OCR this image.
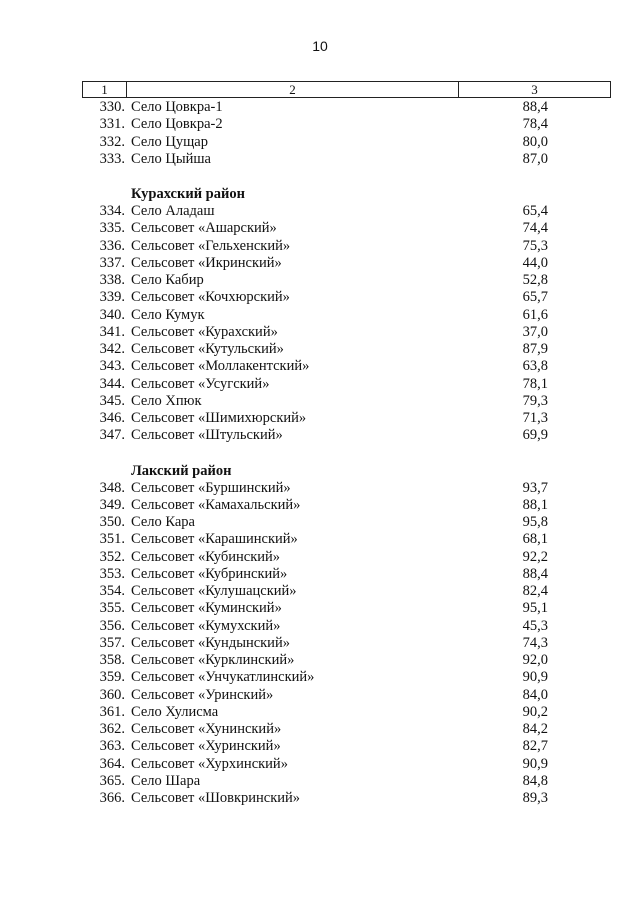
10
1	2	3
330. Село Цовкра-1	88,4
331. Село Цовкра-2	78,4
332. Село Цущар	80,0
333. Село Цыйша	87,0
Курахский район
334. Село Аладаш	65,4
335. Сельсовет «Ашарский»	74,4
336. Сельсовет «Гельхенский»	75,3
337. Сельсовет «Икринский»	44,0
338. Село Кабир	52,8
339. Сельсовет «Кочхюрский»	65,7
340. Село Кумук	61,6
341. Сельсовет «Курахский»	37,0
342. Сельсовет «Кутульский»	87,9
343. Сельсовет «Моллакентский»	63,8
344. Сельсовет «Усугский»	78,1
345. Село Хпюк	79,3
346. Сельсовет «Шимихюрский»	71,3
347. Сельсовет «Штульский»	69,9
Лакский район
348. Сельсовет «Буршинский»	93,7
349. Сельсовет «Камахальский»	88,1
350. Село Кара	95,8
351. Сельсовет «Карашинский»	68,1
352. Сельсовет «Кубинский»	92,2
353. Сельсовет «Кубринский»	88,4
354. Сельсовет «Кулушацский»	82,4
355. Сельсовет «Куминский»	95,1
356. Сельсовет «Кумухский»	45,3
357. Сельсовет «Кундынский»	74,3
358. Сельсовет «Курклинский»	92,0
359. Сельсовет «Унчукатлинский»	90,9
360. Сельсовет «Уринский»	84,0
361. Село Хулисма	90,2
362. Сельсовет «Хунинский»	84,2
363. Сельсовет «Хуринский»	82,7
364. Сельсовет «Хурхинский»	90,9
365. Село Шара	84,8
366. Сельсовет «Шовкринский»	89,3
